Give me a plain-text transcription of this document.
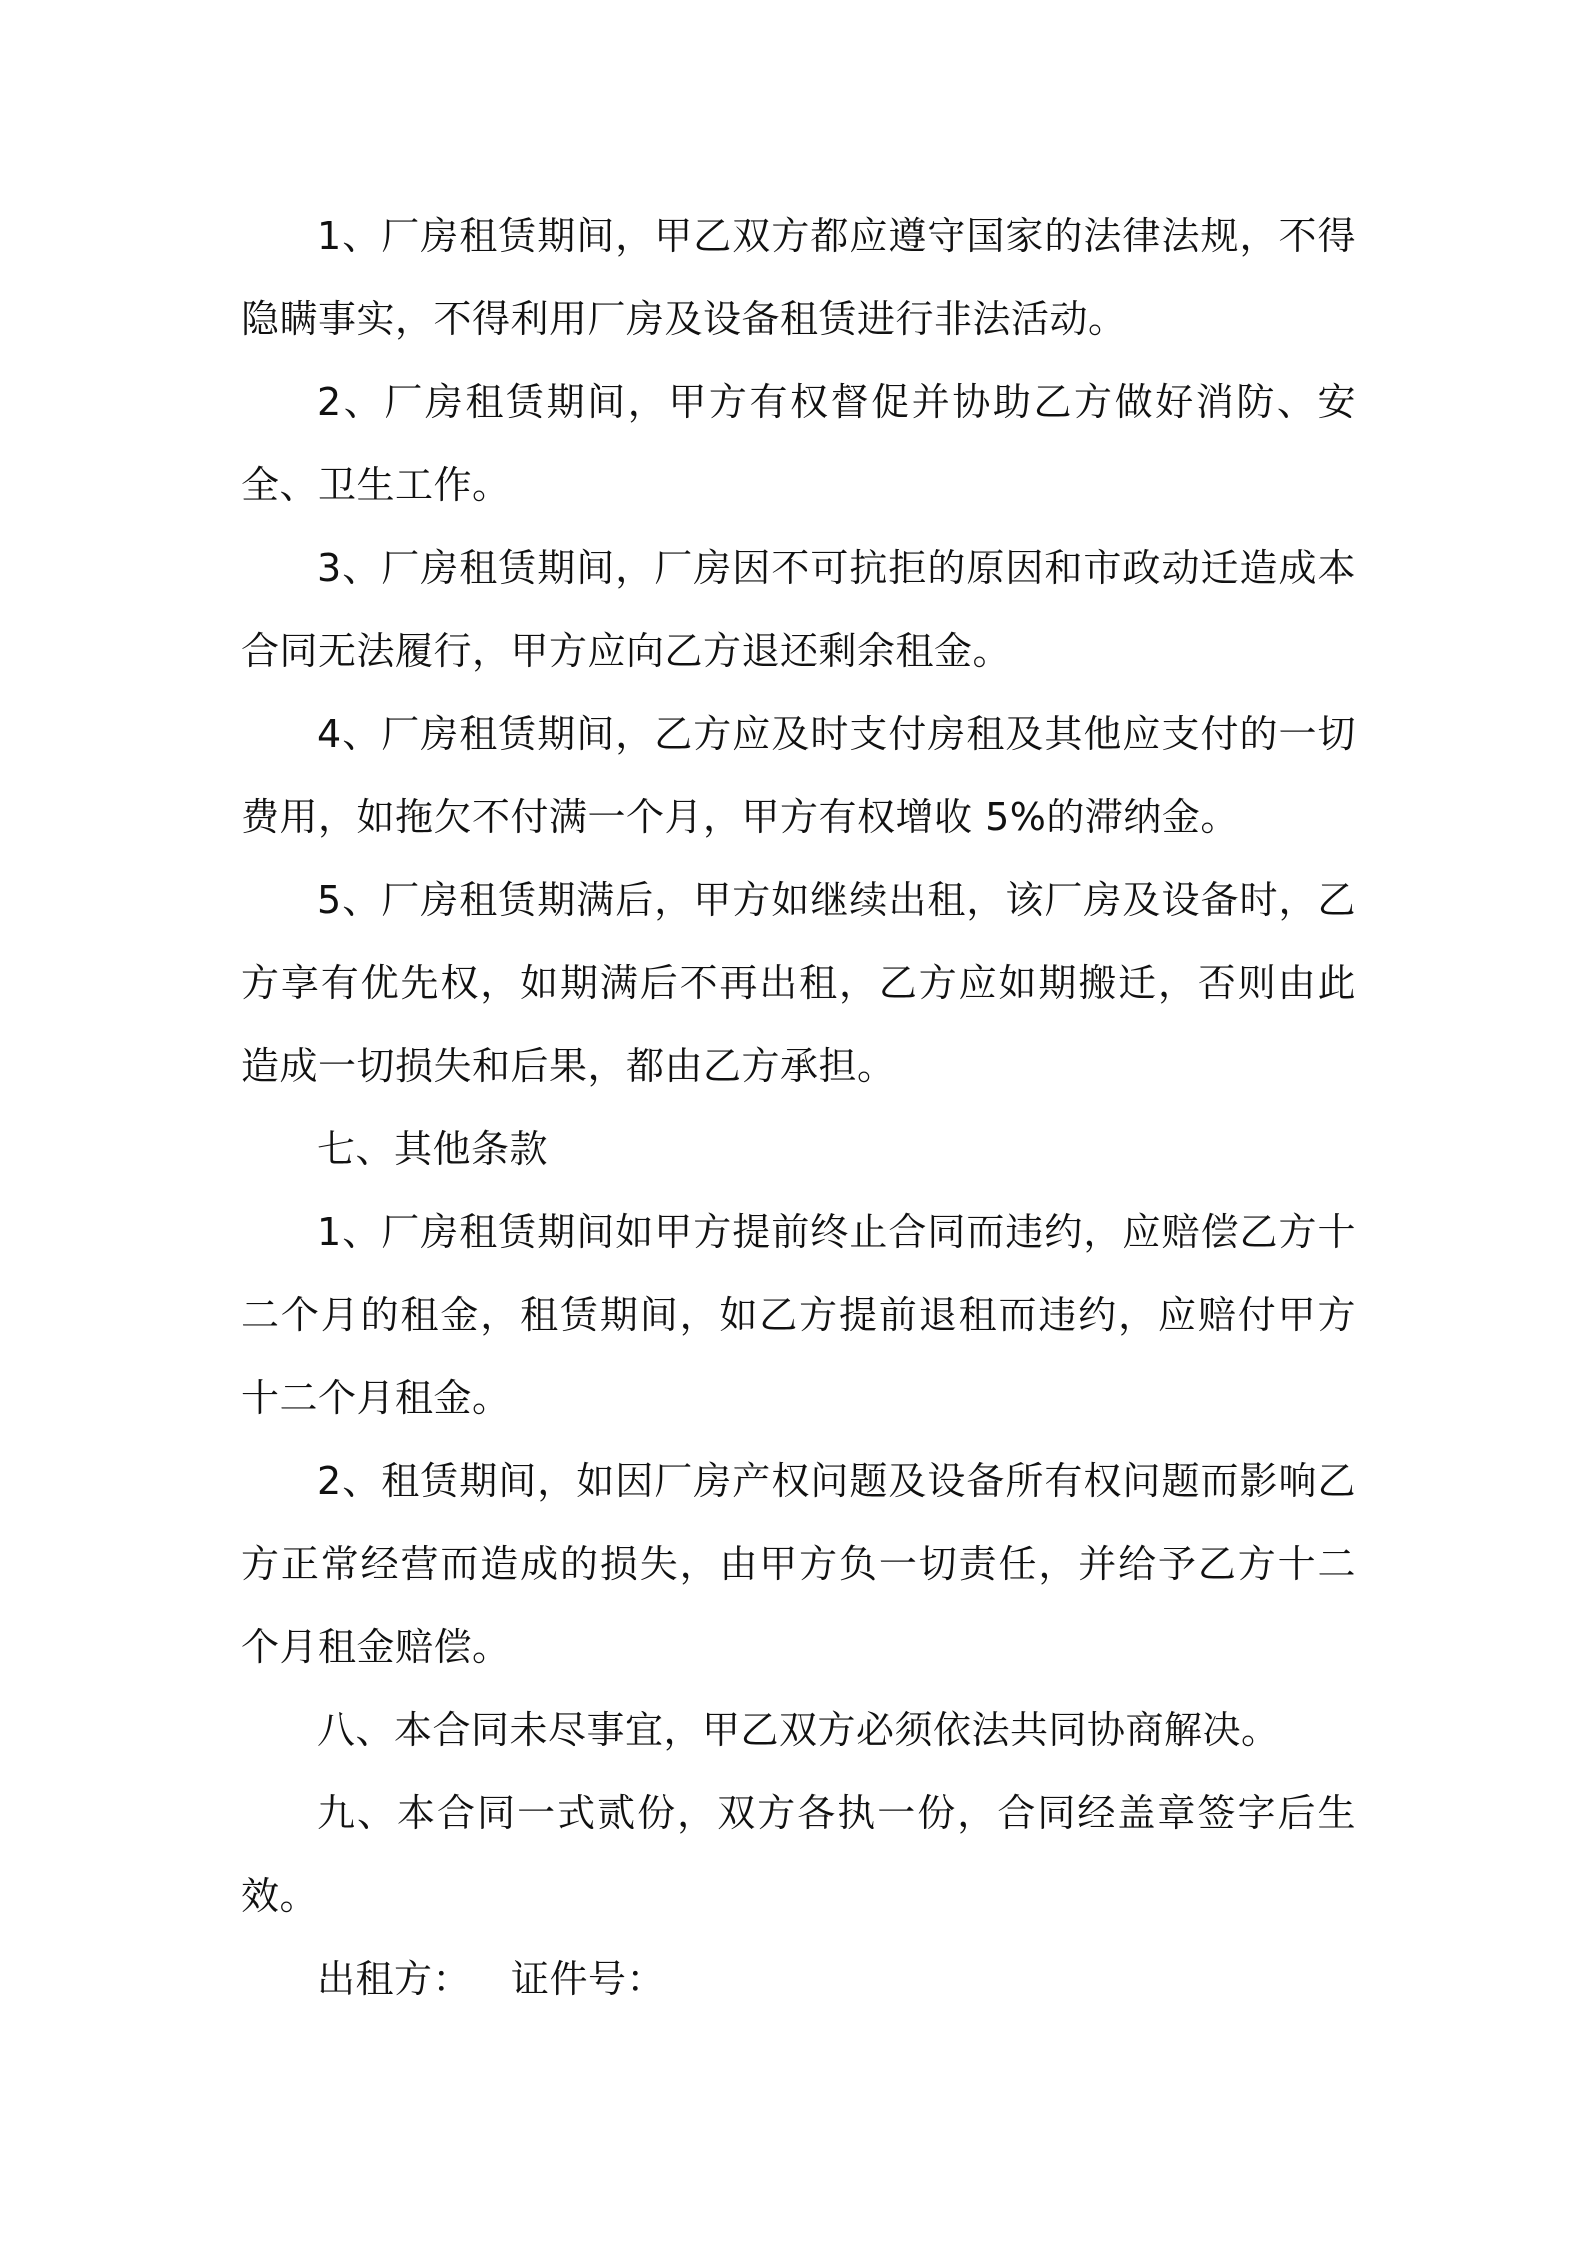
1、厂房租赁期间，甲乙双方都应遵守国家的法律法规，不得隐瞒事实，不得利用厂房及设备租赁进行非法活动。

2、厂房租赁期间，甲方有权督促并协助乙方做好消防、安全、卫生工作。

3、厂房租赁期间，厂房因不可抗拒的原因和市政动迁造成本合同无法履行，甲方应向乙方退还剩余租金。

4、厂房租赁期间，乙方应及时支付房租及其他应支付的一切费用，如拖欠不付满一个月，甲方有权增收 5%的滞纳金。

5、厂房租赁期满后，甲方如继续出租，该厂房及设备时，乙方享有优先权，如期满后不再出租，乙方应如期搬迁，否则由此造成一切损失和后果，都由乙方承担。

七、其他条款

1、厂房租赁期间如甲方提前终止合同而违约，应赔偿乙方十二个月的租金，租赁期间，如乙方提前退租而违约，应赔付甲方十二个月租金。

2、租赁期间，如因厂房产权问题及设备所有权问题而影响乙方正常经营而造成的损失，由甲方负一切责任，并给予乙方十二个月租金赔偿。

八、本合同未尽事宜，甲乙双方必须依法共同协商解决。

九、本合同一式贰份，双方各执一份，合同经盖章签字后生效。

出租方： 证件号：
